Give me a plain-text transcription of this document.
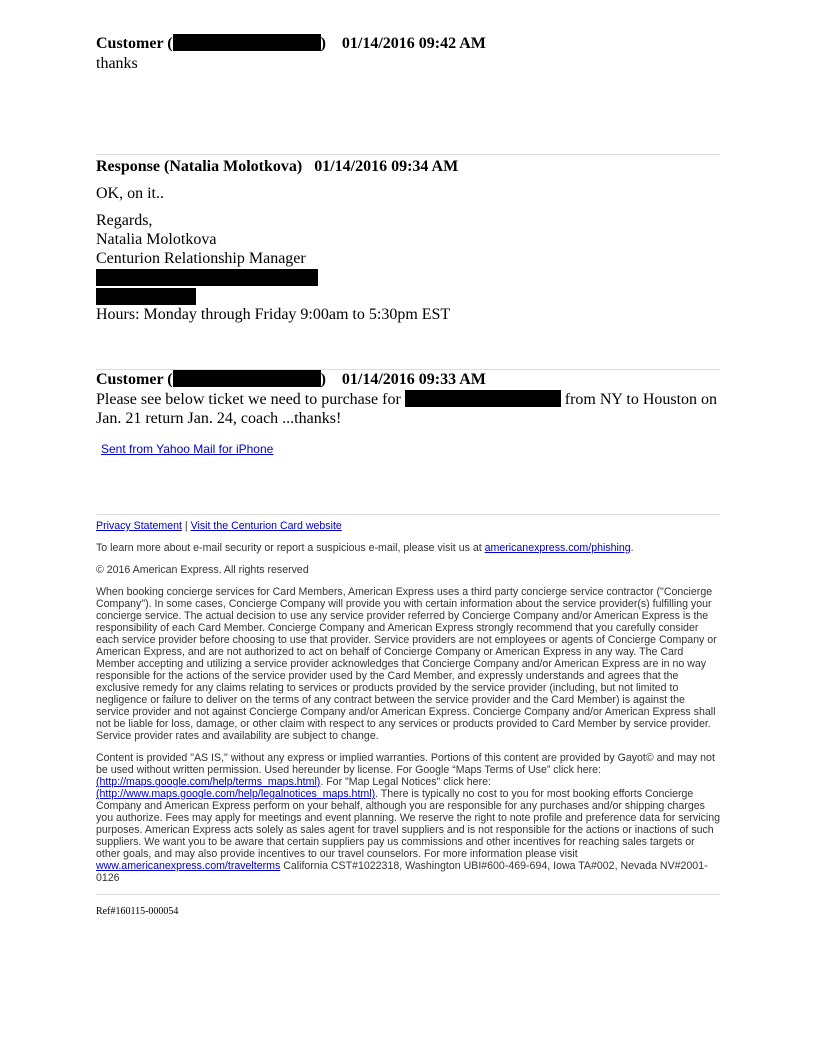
Customer (	) 01/14/2016 09:42 AM
thanks
Response (Natalia Molotkova)   01/14/2016 09:34 AM
OK, on it..
Regards,
Natalia Molotkova
Centurion Relationship Manager
Hours: Monday through Friday 9:00am to 5:30pm EST
Customer (	) 01/14/2016 09:33 AM
Please see below ticket we need to purchase for	from NY to Houston on Jan. 21 return Jan. 24, coach ...thanks!
Sent from Yahoo Mail for iPhone

Privacy Statement | Visit the Centurion Card website

To learn more about e-mail security or report a suspicious e-mail, please visit us at americanexpress.com/phishing.

© 2016 American Express. All rights reserved

When booking concierge services for Card Members, American Express uses a third party concierge service contractor ("Concierge Company"). In some cases, Concierge Company will provide you with certain information about the service provider(s) fulfilling your concierge service. The actual decision to use any service provider referred by Concierge Company and/or American Express is the responsibility of each Card Member. Concierge Company and American Express strongly recommend that you carefully consider each service provider before choosing to use that provider. Service providers are not employees or agents of Concierge Company or American Express, and are not authorized to act on behalf of Concierge Company or American Express in any way. The Card Member accepting and utilizing a service provider acknowledges that Concierge Company and/or American Express are in no way responsible for the actions of the service provider used by the Card Member, and expressly understands and agrees that the exclusive remedy for any claims relating to services or products provided by the service provider (including, but not limited to negligence or failure to deliver on the terms of any contract between the service provider and the Card Member) is against the service provider and not against Concierge Company and/or American Express. Concierge Company and/or American Express shall not be liable for loss, damage, or other claim with respect to any services or products provided to Card Member by service provider. Service provider rates and availability are subject to change.

Content is provided "AS IS," without any express or implied warranties. Portions of this content are provided by Gayot© and may not be used without written permission. Used hereunder by license. For Google “Maps Terms of Use” click here: (http://maps.google.com/help/terms_maps.html). For "Map Legal Notices" click here: (http://www.maps.google.com/help/legalnotices_maps.html). There is typically no cost to you for most booking efforts Concierge Company and American Express perform on your behalf, although you are responsible for any purchases and/or shipping charges you authorize. Fees may apply for meetings and event planning. We reserve the right to note profile and preference data for servicing purposes. American Express acts solely as sales agent for travel suppliers and is not responsible for the actions or inactions of such suppliers. We want you to be aware that certain suppliers pay us commissions and other incentives for reaching sales targets or other goals, and may also provide incentives to our travel counselors. For more information please visit www.americanexpress.com/travelterms California CST#1022318, Washington UBI#600-469-694, Iowa TA#002, Nevada NV#2001-0126

Ref#160115-000054
